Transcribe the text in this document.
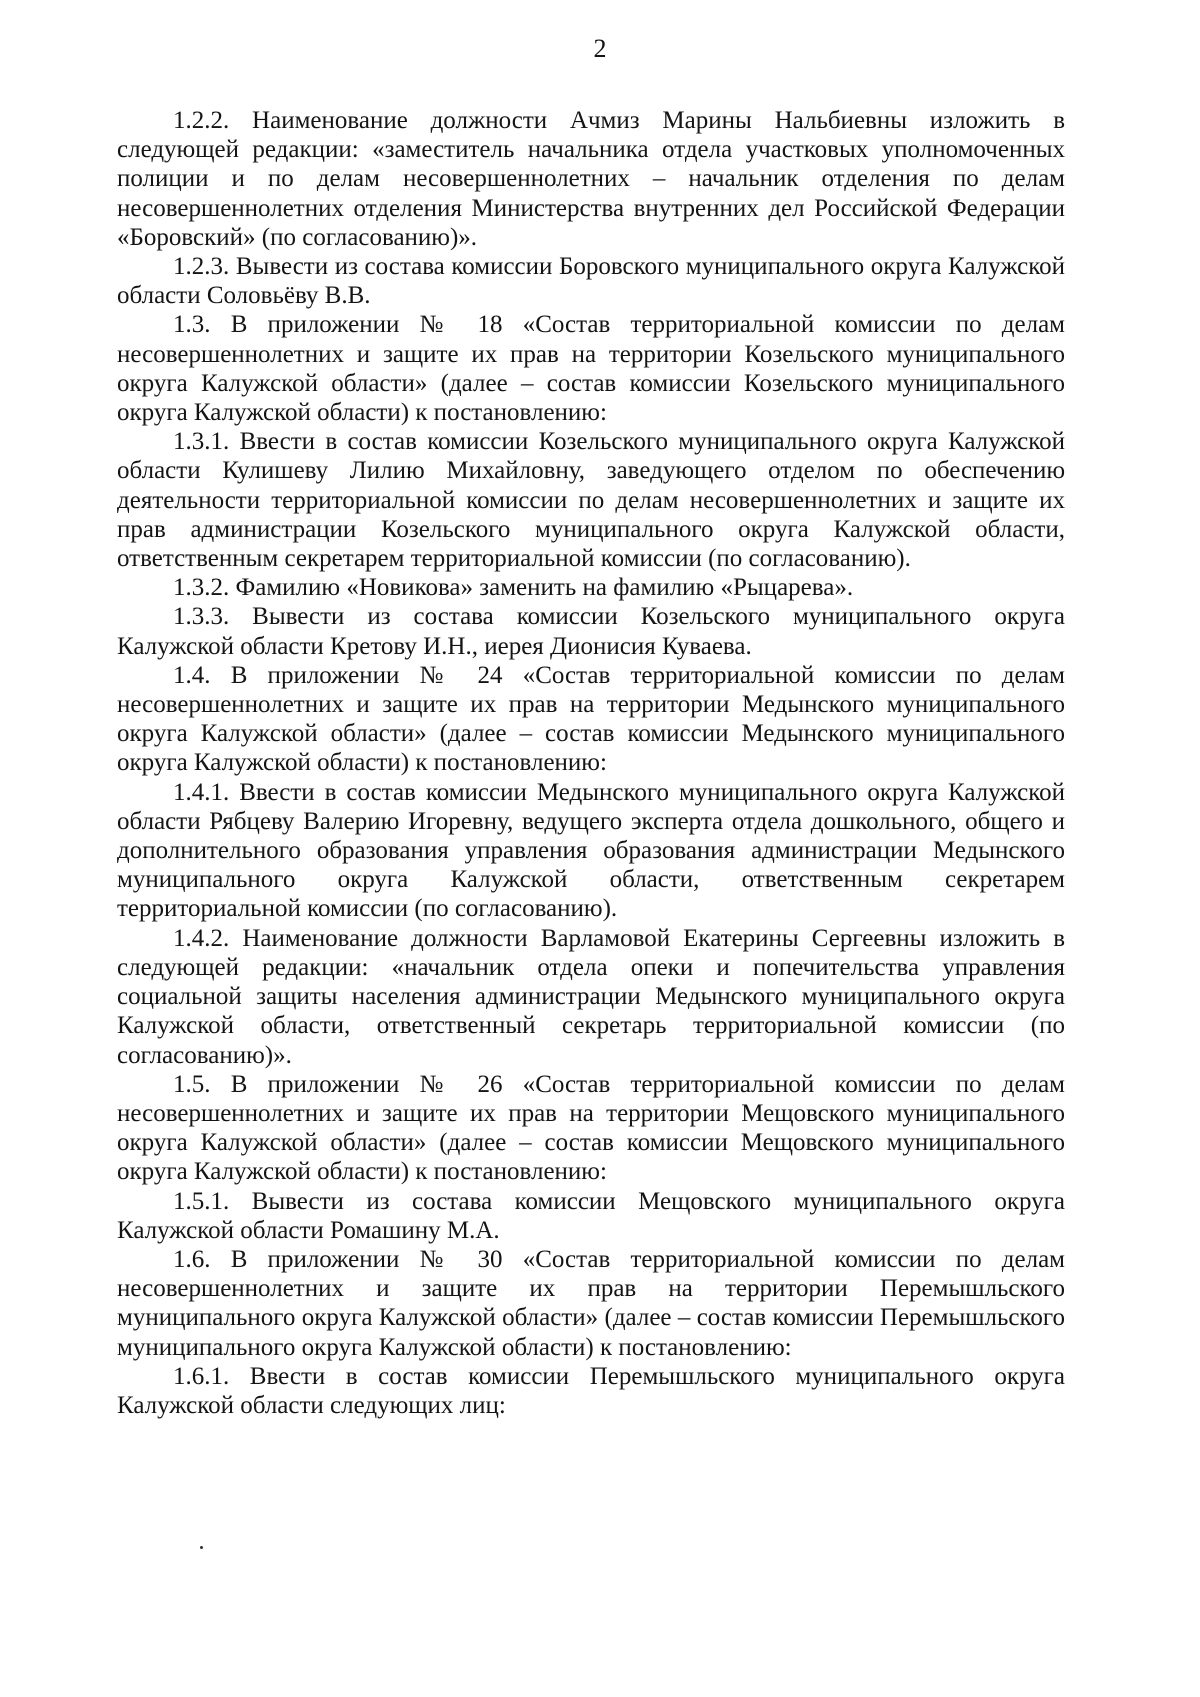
2

1.2.2. Наименование должности Ачмиз Марины Нальбиевны изложить в следующей редакции: «заместитель начальника отдела участковых уполномоченных полиции и по делам несовершеннолетних – начальник отделения по делам несовершеннолетних отделения Министерства внутренних дел Российской Федерации «Боровский» (по согласованию)».

1.2.3. Вывести из состава комиссии Боровского муниципального округа Калужской области Соловьёву В.В.

1.3. В приложении № 18 «Состав территориальной комиссии по делам несовершеннолетних и защите их прав на территории Козельского муниципального округа Калужской области» (далее – состав комиссии Козельского муниципального округа Калужской области) к постановлению:

1.3.1. Ввести в состав комиссии Козельского муниципального округа Калужской области Кулишеву Лилию Михайловну, заведующего отделом по обеспечению деятельности территориальной комиссии по делам несовершеннолетних и защите их прав администрации Козельского муниципального округа Калужской области, ответственным секретарем территориальной комиссии (по согласованию).

1.3.2. Фамилию «Новикова» заменить на фамилию «Рыцарева».

1.3.3. Вывести из состава комиссии Козельского муниципального округа Калужской области Кретову И.Н., иерея Дионисия Куваева.

1.4. В приложении № 24 «Состав территориальной комиссии по делам несовершеннолетних и защите их прав на территории Медынского муниципального округа Калужской области» (далее – состав комиссии Медынского муниципального округа Калужской области) к постановлению:

1.4.1. Ввести в состав комиссии Медынского муниципального округа Калужской области Рябцеву Валерию Игоревну, ведущего эксперта отдела дошкольного, общего и дополнительного образования управления образования администрации Медынского муниципального округа Калужской области, ответственным секретарем территориальной комиссии (по согласованию).

1.4.2. Наименование должности Варламовой Екатерины Сергеевны изложить в следующей редакции: «начальник отдела опеки и попечительства управления социальной защиты населения администрации Медынского муниципального округа Калужской области, ответственный секретарь территориальной комиссии (по согласованию)».

1.5. В приложении № 26 «Состав территориальной комиссии по делам несовершеннолетних и защите их прав на территории Мещовского муниципального округа Калужской области» (далее – состав комиссии Мещовского муниципального округа Калужской области) к постановлению:

1.5.1. Вывести из состава комиссии Мещовского муниципального округа Калужской области Ромашину М.А.

1.6. В приложении № 30 «Состав территориальной комиссии по делам несовершеннолетних и защите их прав на территории Перемышльского муниципального округа Калужской области» (далее – состав комиссии Перемышльского муниципального округа Калужской области) к постановлению:

1.6.1. Ввести в состав комиссии Перемышльского муниципального округа Калужской области следующих лиц:
